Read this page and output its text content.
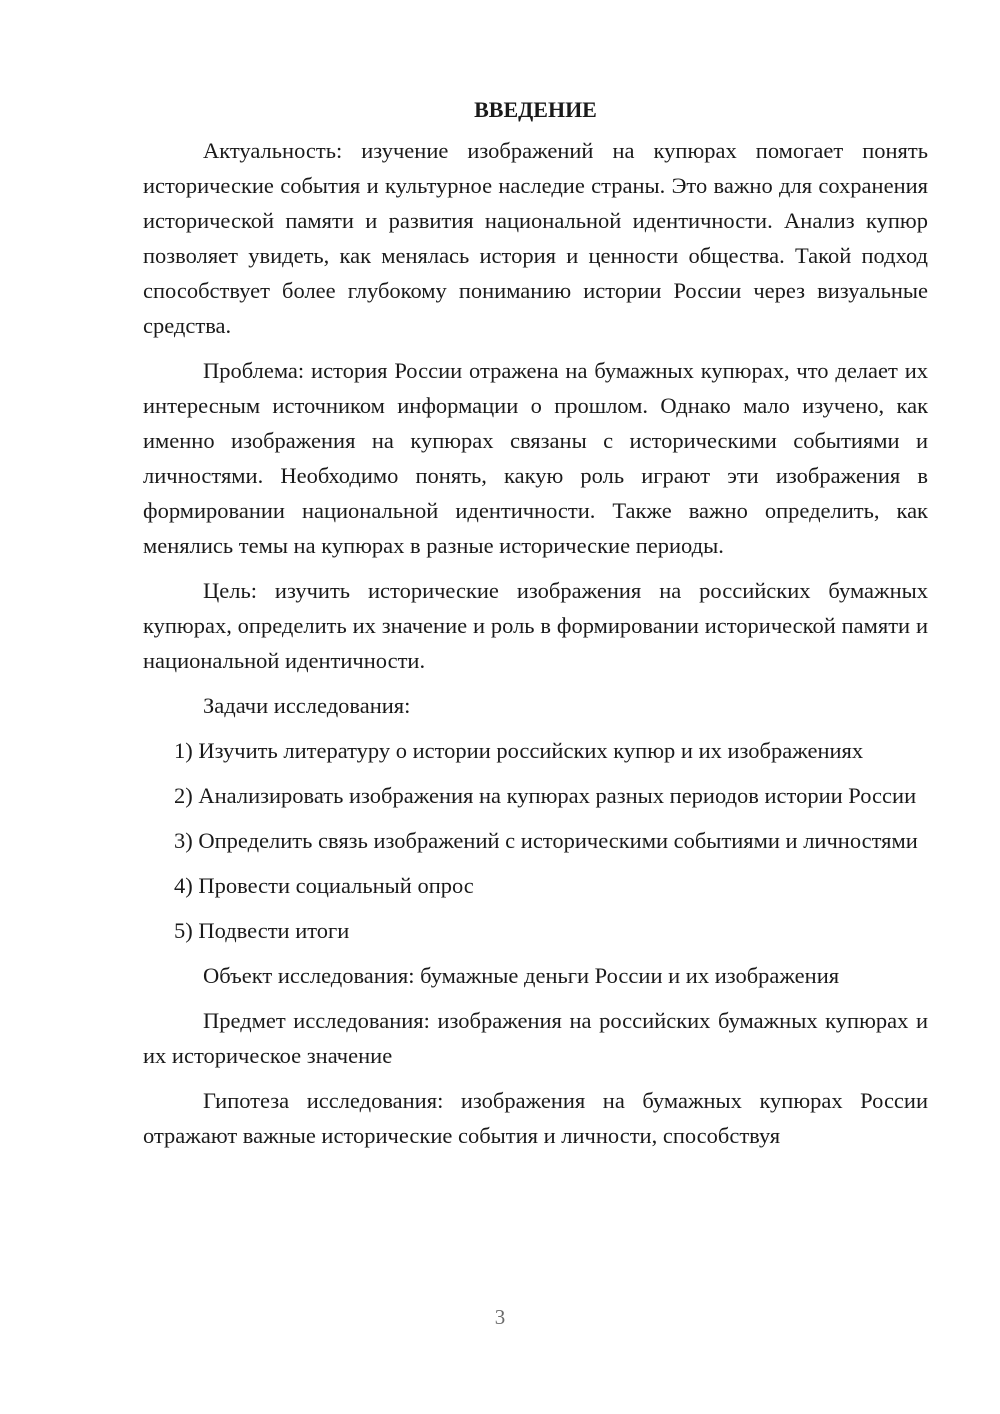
ВВЕДЕНИЕ

Актуальность: изучение изображений на купюрах помогает понять исторические события и культурное наследие страны. Это важно для сохранения исторической памяти и развития национальной идентичности. Анализ купюр позволяет увидеть, как менялась история и ценности общества. Такой подход способствует более глубокому пониманию истории России через визуальные средства.

Проблема: история России отражена на бумажных купюрах, что делает их интересным источником информации о прошлом. Однако мало изучено, как именно изображения на купюрах связаны с историческими событиями и личностями. Необходимо понять, какую роль играют эти изображения в формировании национальной идентичности. Также важно определить, как менялись темы на купюрах в разные исторические периоды.

Цель: изучить исторические изображения на российских бумажных купюрах, определить их значение и роль в формировании исторической памяти и национальной идентичности.

Задачи исследования:

1) Изучить литературу о истории российских купюр и их изображениях

2) Анализировать изображения на купюрах разных периодов истории России

3) Определить связь изображений с историческими событиями и личностями

4) Провести социальный опрос

5) Подвести итоги

Объект исследования: бумажные деньги России и их изображения

Предмет исследования: изображения на российских бумажных купюрах и их историческое значение

Гипотеза исследования: изображения на бумажных купюрах России отражают важные исторические события и личности, способствуя

3
